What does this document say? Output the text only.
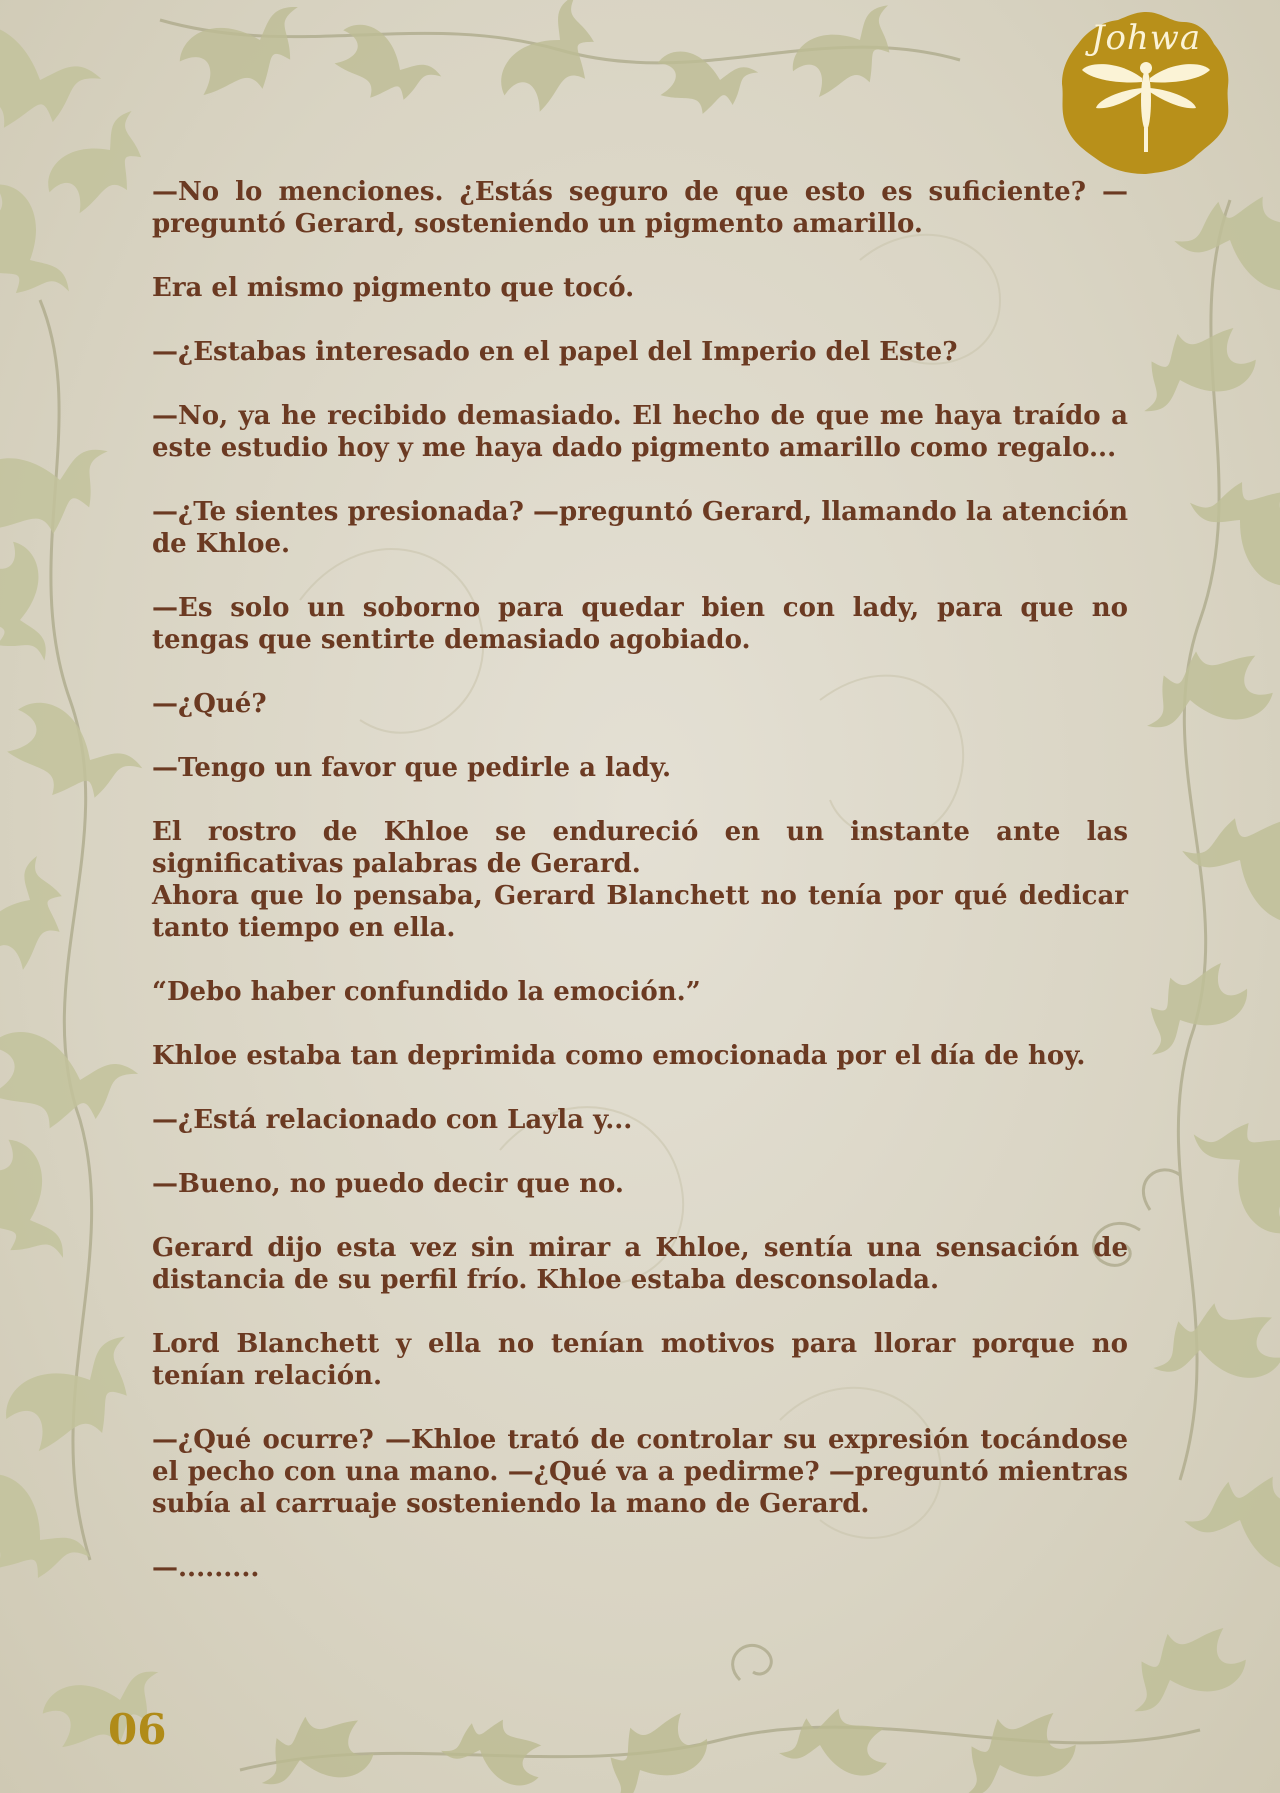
Johwa

—No lo menciones. ¿Estás seguro de que esto es suficiente? —preguntó Gerard, sosteniendo un pigmento amarillo.

Era el mismo pigmento que tocó.

—¿Estabas interesado en el papel del Imperio del Este?

—No, ya he recibido demasiado. El hecho de que me haya traído a este estudio hoy y me haya dado pigmento amarillo como regalo...

—¿Te sientes presionada? —preguntó Gerard, llamando la atención de Khloe.

—Es solo un soborno para quedar bien con lady, para que no tengas que sentirte demasiado agobiado.

—¿Qué?

—Tengo un favor que pedirle a lady.

El rostro de Khloe se endureció en un instante ante las significativas palabras de Gerard.

Ahora que lo pensaba, Gerard Blanchett no tenía por qué dedicar tanto tiempo en ella.

“Debo haber confundido la emoción.”

Khloe estaba tan deprimida como emocionada por el día de hoy.

—¿Está relacionado con Layla y...

—Bueno, no puedo decir que no.

Gerard dijo esta vez sin mirar a Khloe, sentía una sensación de distancia de su perfil frío. Khloe estaba desconsolada.

Lord Blanchett y ella no tenían motivos para llorar porque no tenían relación.

—¿Qué ocurre? —Khloe trató de controlar su expresión tocándose el pecho con una mano. —¿Qué va a pedirme? —preguntó mientras subía al carruaje sosteniendo la mano de Gerard.

—.........

06
